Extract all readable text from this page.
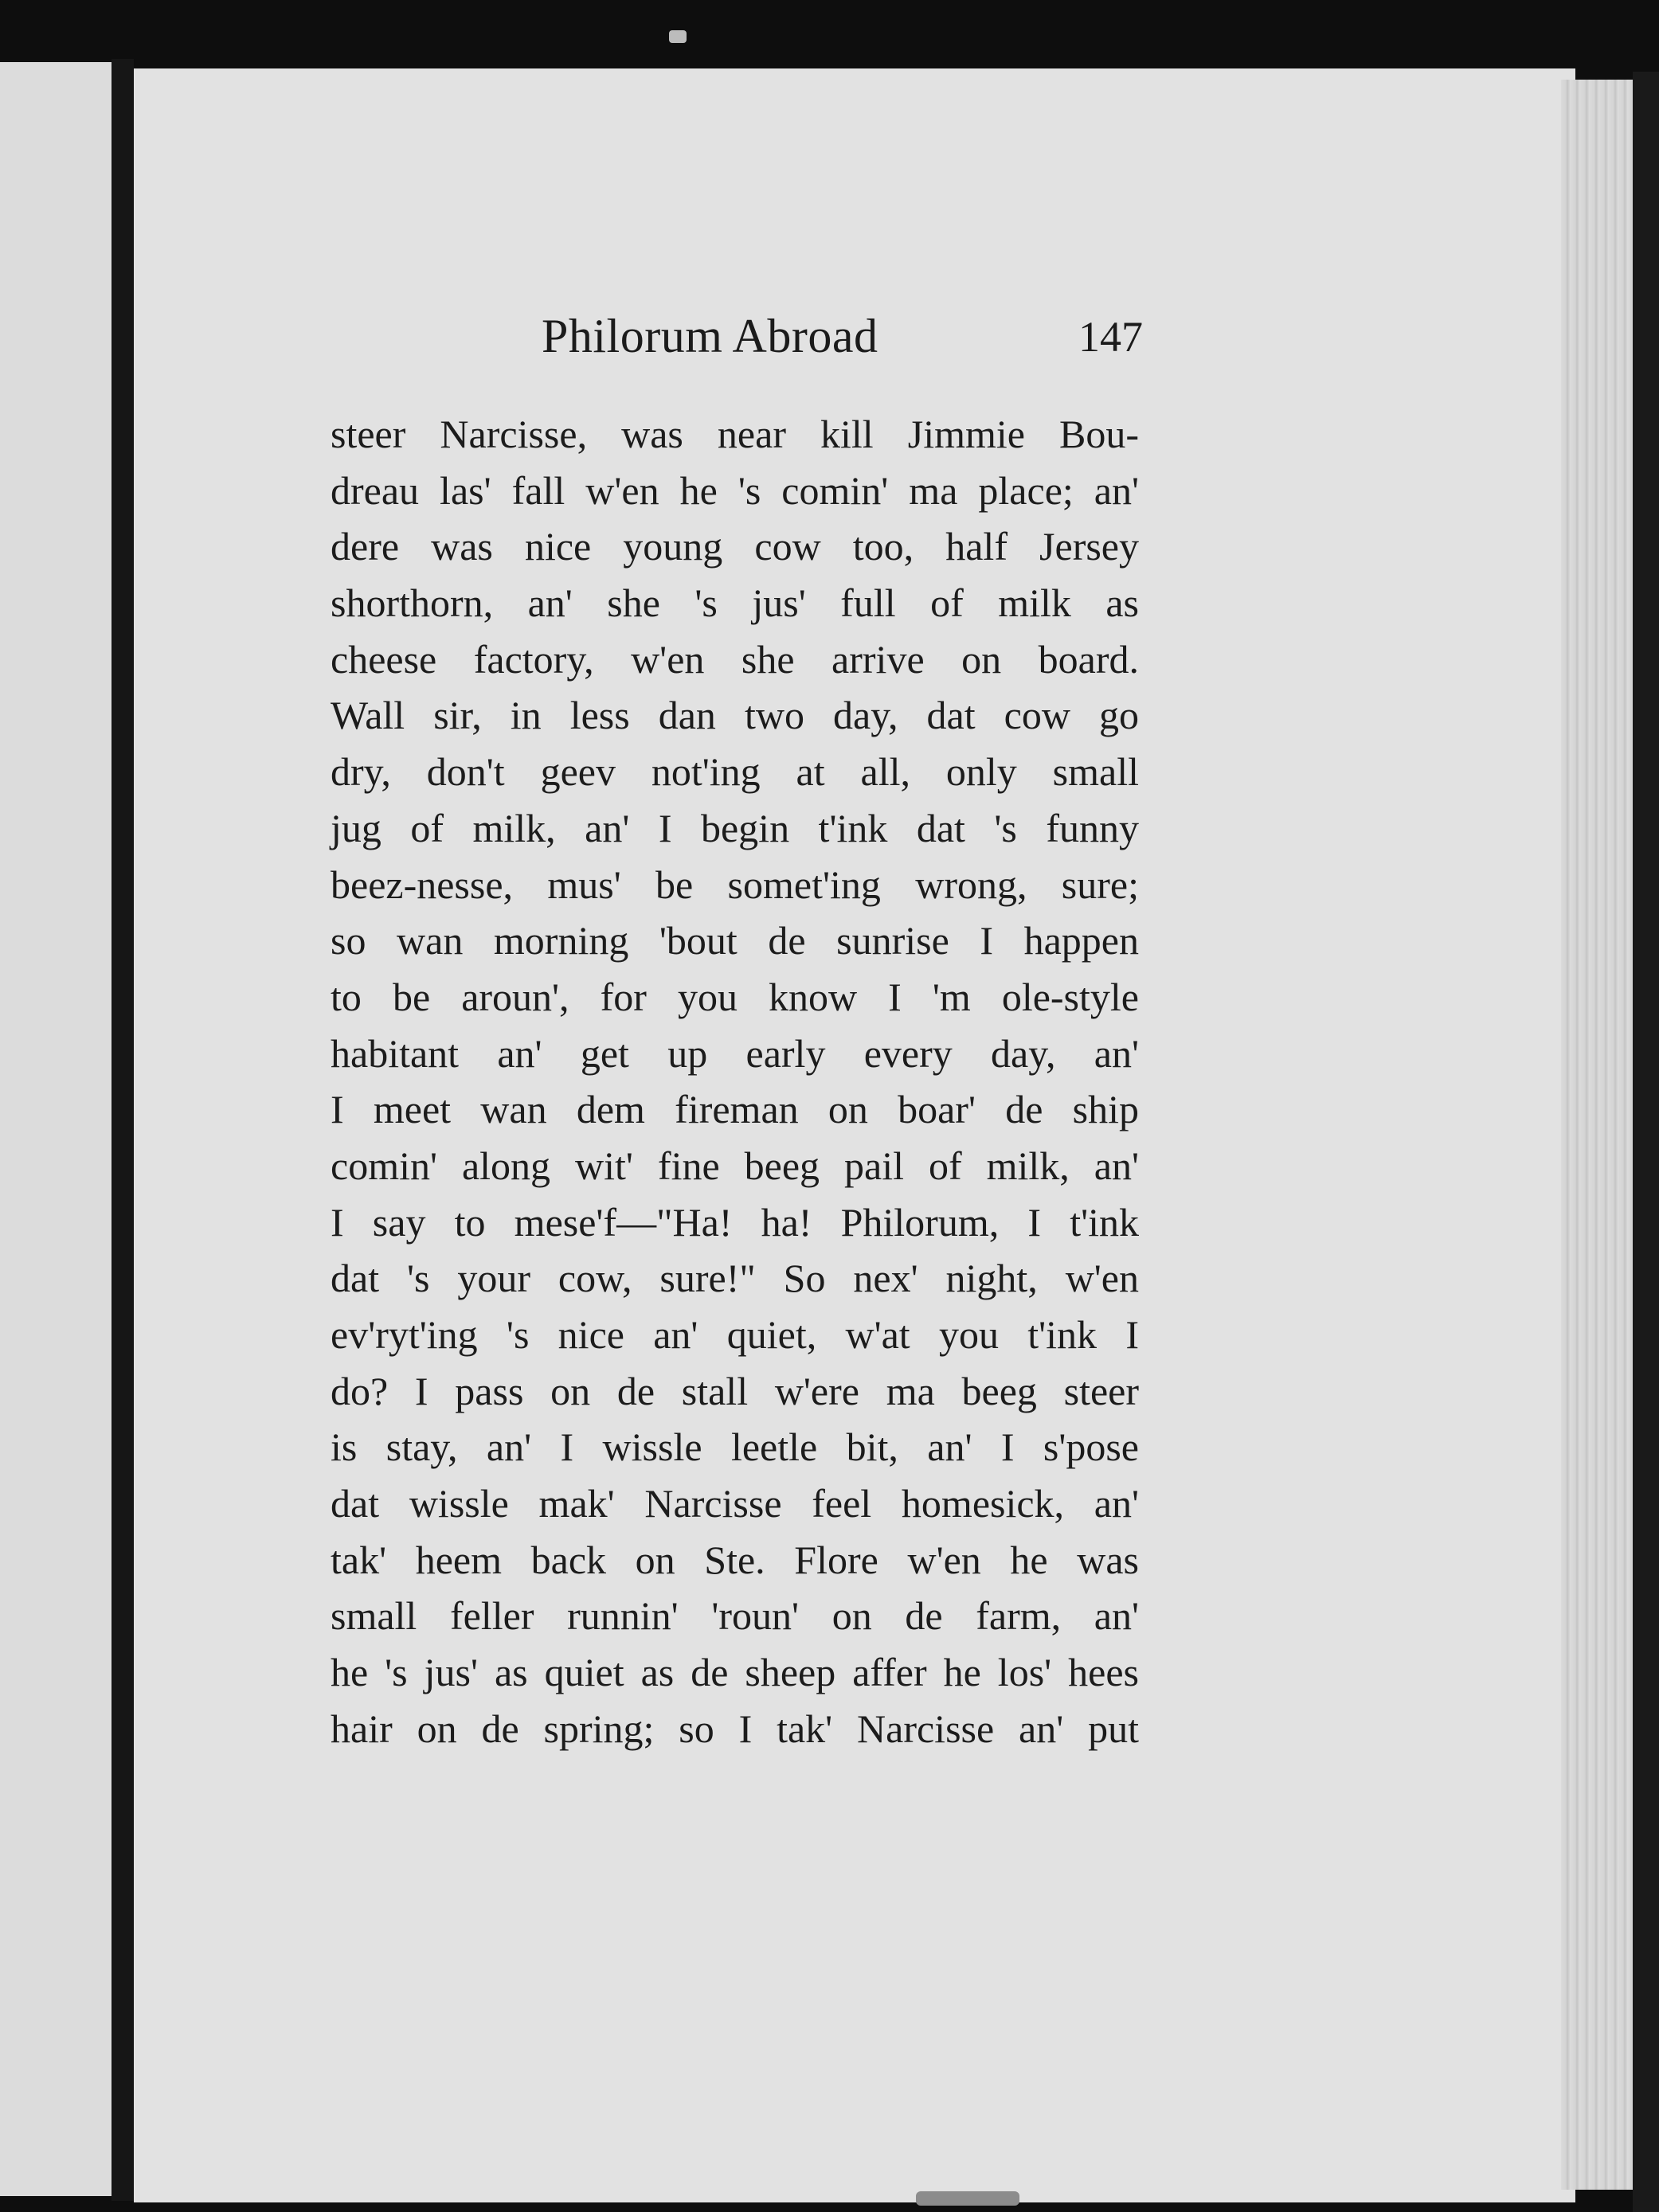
Philorum Abroad	147
steer Narcisse, was near kill Jimmie Bou-
dreau las' fall w'en he 's comin' ma place; an'
dere was nice young cow too, half Jersey
shorthorn, an' she 's jus' full of milk as
cheese factory, w'en she arrive on board.
Wall sir, in less dan two day, dat cow go
dry, don't geev not'ing at all, only small
jug of milk, an' I begin t'ink dat 's funny
beez-nesse, mus' be somet'ing wrong, sure;
so wan morning 'bout de sunrise I happen
to be aroun', for you know I 'm ole-style
habitant an' get up early every day, an'
I meet wan dem fireman on boar' de ship
comin' along wit' fine beeg pail of milk, an'
I say to mese'f—"Ha! ha! Philorum, I t'ink
dat 's your cow, sure!" So nex' night, w'en
ev'ryt'ing 's nice an' quiet, w'at you t'ink I
do? I pass on de stall w'ere ma beeg steer
is stay, an' I wissle leetle bit, an' I s'pose
dat wissle mak' Narcisse feel homesick, an'
tak' heem back on Ste. Flore w'en he was
small feller runnin' 'roun' on de farm, an'
he 's jus' as quiet as de sheep affer he los' hees
hair on de spring; so I tak' Narcisse an' put
